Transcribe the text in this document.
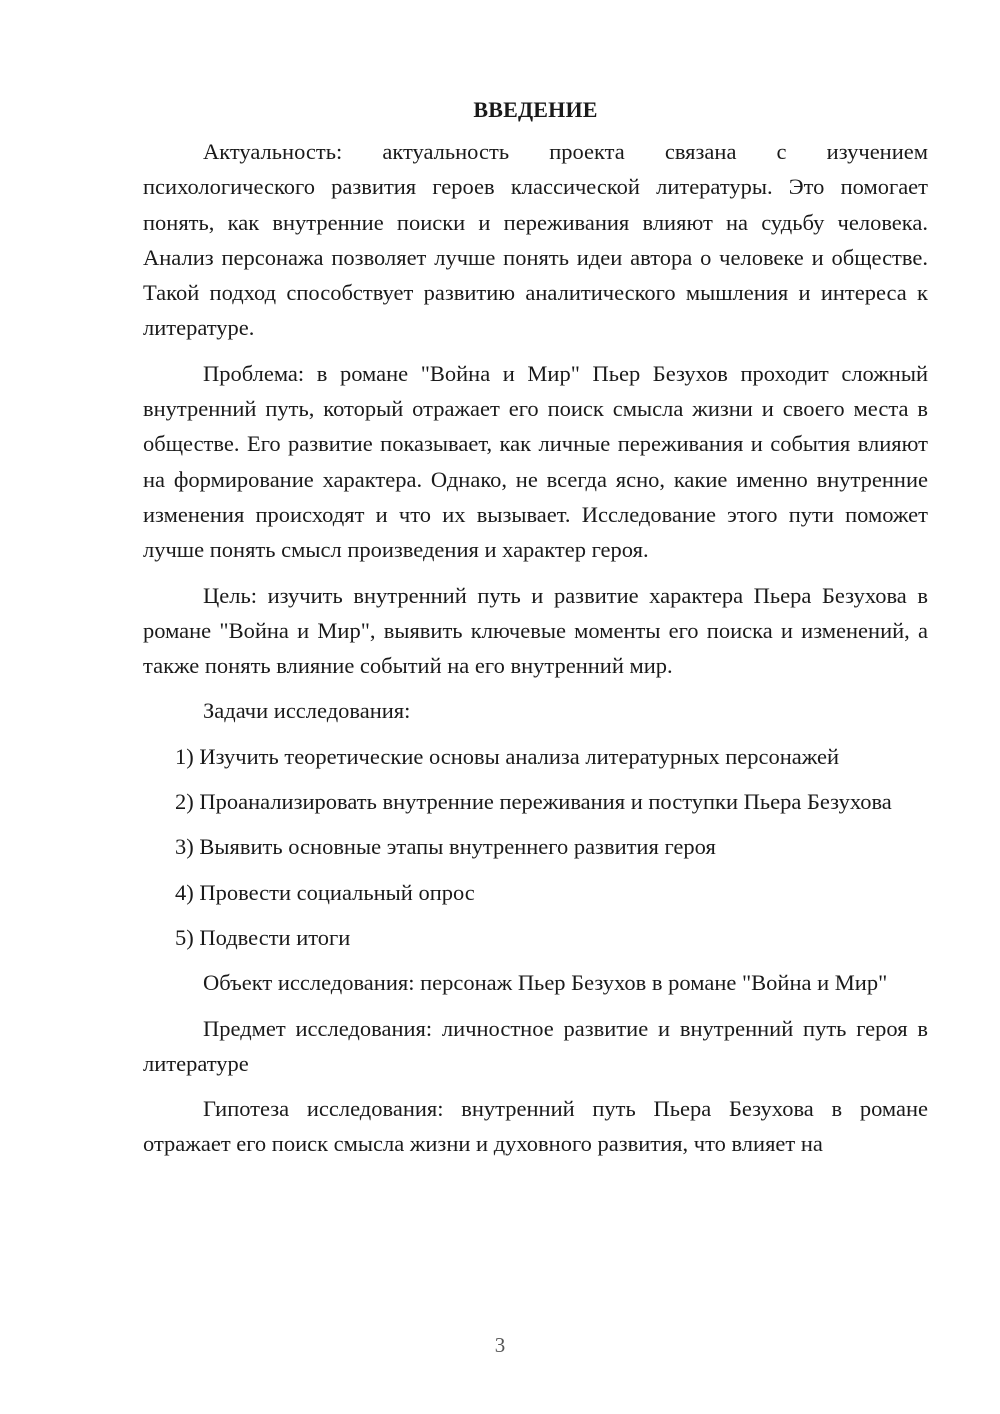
ВВЕДЕНИЕ

Актуальность: актуальность проекта связана с изучением психологического развития героев классической литературы. Это помогает понять, как внутренние поиски и переживания влияют на судьбу человека. Анализ персонажа позволяет лучше понять идеи автора о человеке и обществе. Такой подход способствует развитию аналитического мышления и интереса к литературе.

Проблема: в романе "Война и Мир" Пьер Безухов проходит сложный внутренний путь, который отражает его поиск смысла жизни и своего места в обществе. Его развитие показывает, как личные переживания и события влияют на формирование характера. Однако, не всегда ясно, какие именно внутренние изменения происходят и что их вызывает. Исследование этого пути поможет лучше понять смысл произведения и характер героя.

Цель: изучить внутренний путь и развитие характера Пьера Безухова в романе "Война и Мир", выявить ключевые моменты его поиска и изменений, а также понять влияние событий на его внутренний мир.

Задачи исследования:

1) Изучить теоретические основы анализа литературных персонажей

2) Проанализировать внутренние переживания и поступки Пьера Безухова

3) Выявить основные этапы внутреннего развития героя

4) Провести социальный опрос

5) Подвести итоги

Объект исследования: персонаж Пьер Безухов в романе "Война и Мир"

Предмет исследования: личностное развитие и внутренний путь героя в литературе

Гипотеза исследования: внутренний путь Пьера Безухова в романе отражает его поиск смысла жизни и духовного развития, что влияет на

3
